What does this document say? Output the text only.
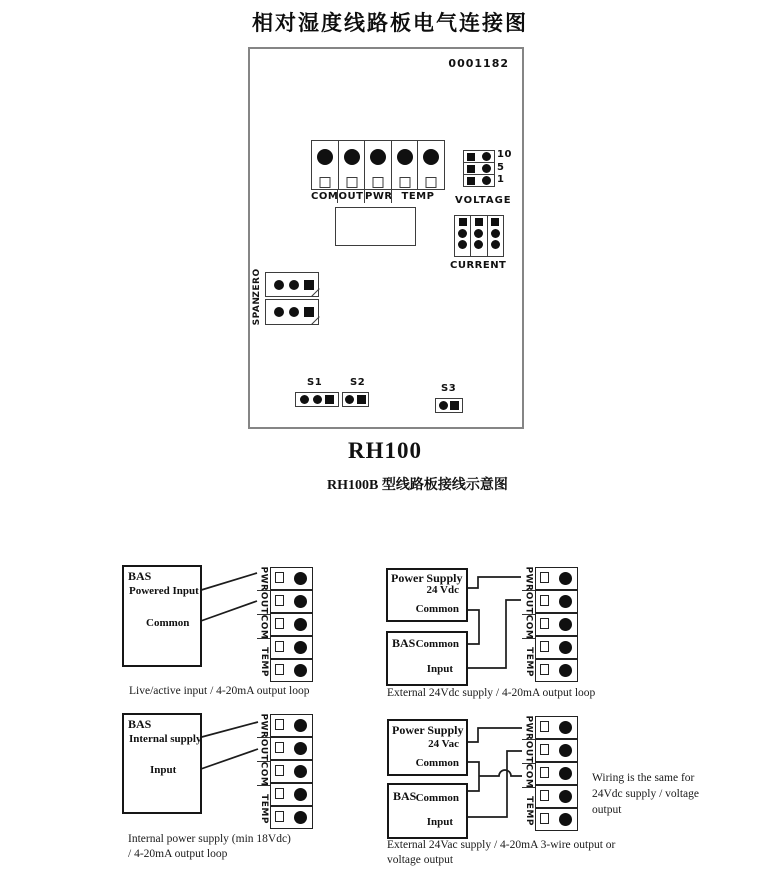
相对湿度线路板电气连接图
0001182
COM OUT PWR TEMP
10
5
1
VOLTAGE
CURRENT
ZERO
SPAN
S1	S2
S3
RH100
RH100B 型线路板接线示意图
BAS
Powered Input
Common
PWR
OUT
COM
TEMP
Live/active input / 4-20mA output loop
Power Supply
24 Vdc
Common
BAS Common
Input
PWR
OUT
COM
TEMP
External 24Vdc supply / 4-20mA output loop
BAS
Internal supply
Input
PWR
OUT
COM
TEMP
Internal power supply (min 18Vdc)
/ 4-20mA output loop
Power Supply
24 Vac
Common
BAS Common
Input
PWR
OUT
COM
TEMP
Wiring is the same for
24Vdc supply / voltage
output
External 24Vac supply / 4-20mA 3-wire output or
voltage output
